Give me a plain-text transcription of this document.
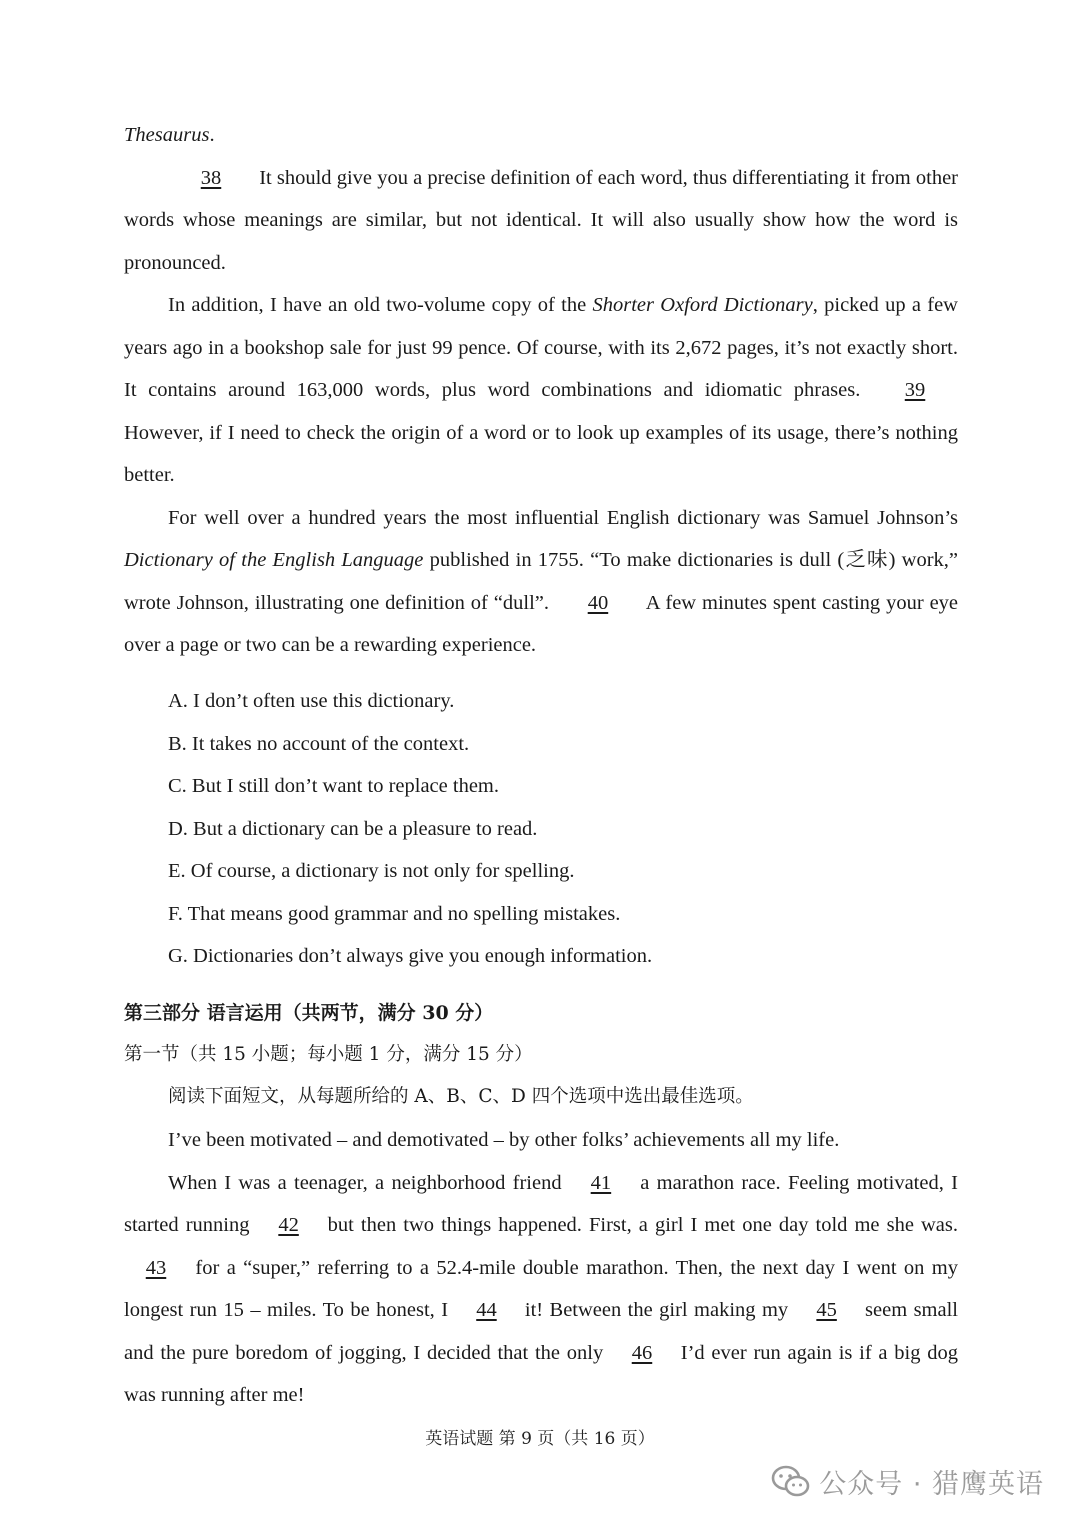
Thesaurus.

38 It should give you a precise definition of each word, thus differentiating it from other words whose meanings are similar, but not identical. It will also usually show how the word is pronounced.

In addition, I have an old two-volume copy of the Shorter Oxford Dictionary, picked up a few years ago in a bookshop sale for just 99 pence. Of course, with its 2,672 pages, it’s not exactly short. It contains around 163,000 words, plus word combinations and idiomatic phrases. 39 However, if I need to check the origin of a word or to look up examples of its usage, there’s nothing better.

For well over a hundred years the most influential English dictionary was Samuel Johnson’s Dictionary of the English Language published in 1755. “To make dictionaries is dull (乏味) work,” wrote Johnson, illustrating one definition of “dull”. 40 A few minutes spent casting your eye over a page or two can be a rewarding experience.

A. I don’t often use this dictionary.

B. It takes no account of the context.

C. But I still don’t want to replace them.

D. But a dictionary can be a pleasure to read.

E. Of course, a dictionary is not only for spelling.

F. That means good grammar and no spelling mistakes.

G. Dictionaries don’t always give you enough information.

第三部分 语言运用（共两节，满分 30 分）

第一节（共 15 小题；每小题 1 分，满分 15 分）

阅读下面短文，从每题所给的 A、B、C、D 四个选项中选出最佳选项。

I’ve been motivated – and demotivated – by other folks’ achievements all my life.

When I was a teenager, a neighborhood friend 41 a marathon race. Feeling motivated, I started running 42 but then two things happened. First, a girl I met one day told me she was. 43 for a “super,” referring to a 52.4-mile double marathon. Then, the next day I went on my longest run 15 – miles. To be honest, I 44 it! Between the girl making my 45 seem small and the pure boredom of jogging, I decided that the only 46 I’d ever run again is if a big dog was running after me!

英语试题 第 9 页（共 16 页）
公众号 · 猎鹰英语
